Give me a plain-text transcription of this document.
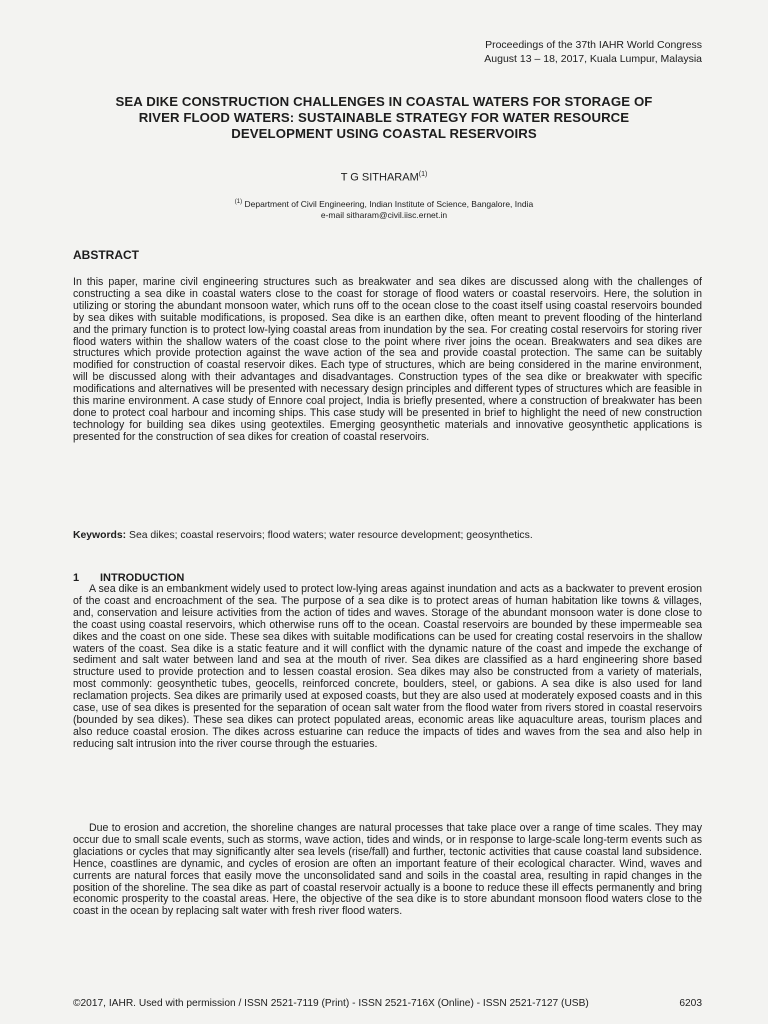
Proceedings of the 37th IAHR World Congress
August 13 – 18, 2017, Kuala Lumpur, Malaysia
SEA DIKE CONSTRUCTION CHALLENGES IN COASTAL WATERS FOR STORAGE OF
RIVER FLOOD WATERS: SUSTAINABLE STRATEGY FOR WATER RESOURCE
DEVELOPMENT USING COASTAL RESERVOIRS
T G SITHARAM$^{(1)}$
$^{(1)}$ Department of Civil Engineering, Indian Institute of Science, Bangalore, India
e-mail sitharam@civil.iisc.ernet.in
ABSTRACT
In this paper, marine civil engineering structures such as breakwater and sea dikes are discussed along with the challenges of constructing a sea dike in coastal waters close to the coast for storage of flood waters or coastal reservoirs. Here, the solution in utilizing or storing the abundant monsoon water, which runs off to the ocean close to the coast itself using coastal reservoirs bounded by sea dikes with suitable modifications, is proposed. Sea dike is an earthen dike, often meant to prevent flooding of the hinterland and the primary function is to protect low-lying coastal areas from inundation by the sea. For creating costal reservoirs for storing river flood waters within the shallow waters of the coast close to the point where river joins the ocean. Breakwaters and sea dikes are structures which provide protection against the wave action of the sea and provide coastal protection. The same can be suitably modified for construction of coastal reservoir dikes. Each type of structures, which are being considered in the marine environment, will be discussed along with their advantages and disadvantages. Construction types of the sea dike or breakwater with specific modifications and alternatives will be presented with necessary design principles and different types of structures which are feasible in this marine environment. A case study of Ennore coal project, India is briefly presented, where a construction of breakwater has been done to protect coal harbour and incoming ships. This case study will be presented in brief to highlight the need of new construction technology for building sea dikes using geotextiles. Emerging geosynthetic materials and innovative geosynthetic applications is presented for the construction of sea dikes for creation of coastal reservoirs.
Keywords: Sea dikes; coastal reservoirs; flood waters; water resource development; geosynthetics.
1 INTRODUCTION
A sea dike is an embankment widely used to protect low-lying areas against inundation and acts as a backwater to prevent erosion of the coast and encroachment of the sea. The purpose of a sea dike is to protect areas of human habitation like towns & villages, and, conservation and leisure activities from the action of tides and waves. Storage of the abundant monsoon water is done close to the coast using coastal reservoirs, which otherwise runs off to the ocean. Coastal reservoirs are bounded by these impermeable sea dikes and the coast on one side. These sea dikes with suitable modifications can be used for creating costal reservoirs in the shallow waters of the coast. Sea dike is a static feature and it will conflict with the dynamic nature of the coast and impede the exchange of sediment and salt water between land and sea at the mouth of river. Sea dikes are classified as a hard engineering shore based structure used to provide protection and to lessen coastal erosion. Sea dikes may also be constructed from a variety of materials, most commonly: geosynthetic tubes, geocells, reinforced concrete, boulders, steel, or gabions. A sea dike is also used for land reclamation projects. Sea dikes are primarily used at exposed coasts, but they are also used at moderately exposed coasts and in this case, use of sea dikes is presented for the separation of ocean salt water from the flood water from rivers stored in coastal reservoirs (bounded by sea dikes). These sea dikes can protect populated areas, economic areas like aquaculture areas, tourism places and also reduce coastal erosion. The dikes across estuarine can reduce the impacts of tides and waves from the sea and also help in reducing salt intrusion into the river course through the estuaries.
Due to erosion and accretion, the shoreline changes are natural processes that take place over a range of time scales. They may occur due to small scale events, such as storms, wave action, tides and winds, or in response to large-scale long-term events such as glaciations or cycles that may significantly alter sea levels (rise/fall) and further, tectonic activities that cause coastal land subsidence. Hence, coastlines are dynamic, and cycles of erosion are often an important feature of their ecological character. Wind, waves and currents are natural forces that easily move the unconsolidated sand and soils in the coastal area, resulting in rapid changes in the position of the shoreline. The sea dike as part of coastal reservoir actually is a boone to reduce these ill effects permanently and bring economic prosperity to the coastal areas. Here, the objective of the sea dike is to store abundant monsoon flood waters close to the coast in the ocean by replacing salt water with fresh river flood waters.
©2017, IAHR. Used with permission / ISSN 2521-7119 (Print) - ISSN 2521-716X (Online) - ISSN 2521-7127 (USB)	6203
